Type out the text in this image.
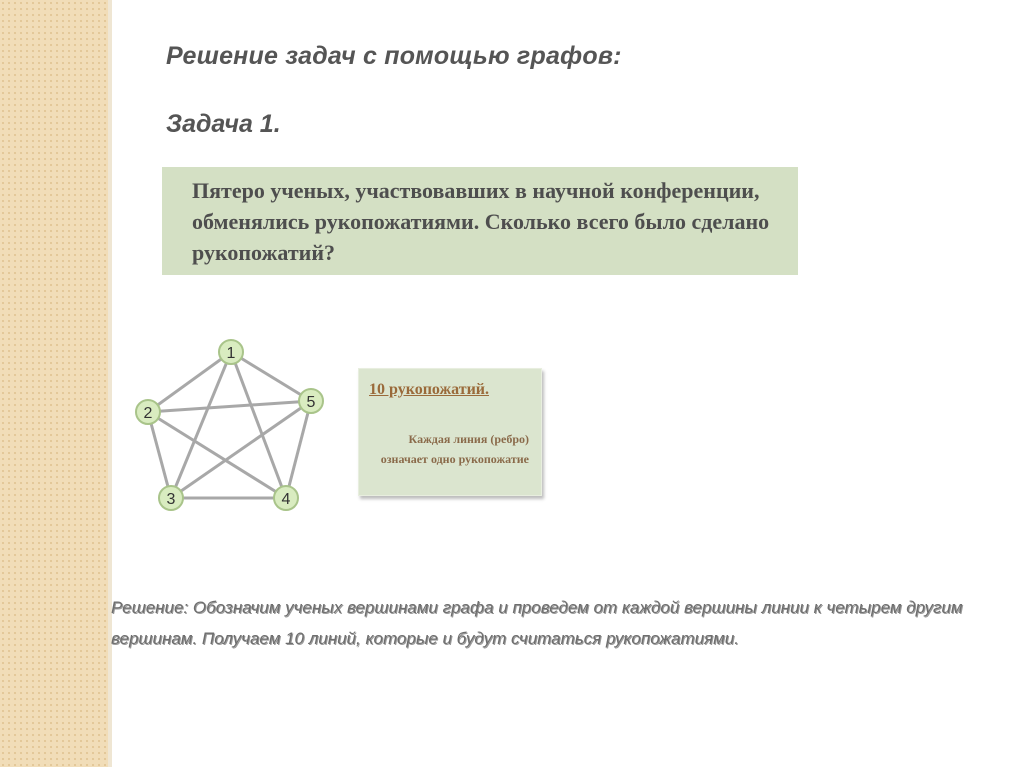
Решение задач с помощью графов:
Задача 1.
Пятеро ученых, участвовавших в научной конференции, обменялись рукопожатиями. Сколько всего было сделано рукопожатий?
1
2
3	4
5
10 рукопожатий.
Каждая линия (ребро) означает одно рукопожатие
Решение: Обозначим ученых вершинами графа и проведем от каждой вершины линии к четырем другим вершинам. Получаем 10 линий, которые и будут считаться рукопожатиями.
